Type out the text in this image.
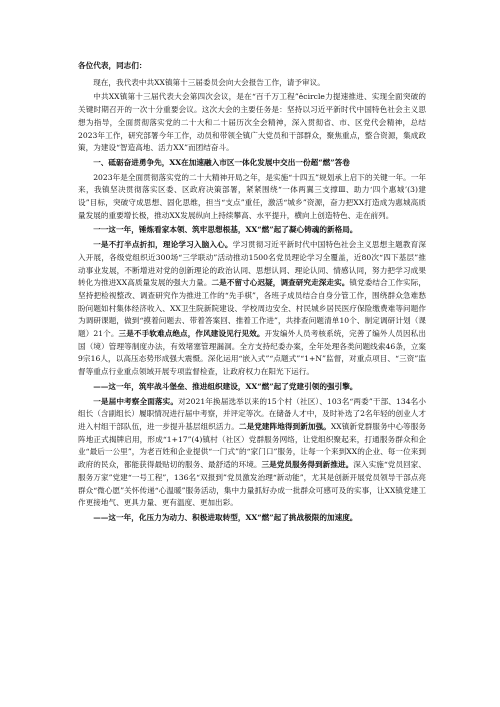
各位代表，同志们：

现在，我代表中共XX镇第十三届委员会向大会报告工作，请予审议。

中共XX镇第十三届代表大会第四次会议，是在“百千万工程”êcircle力提速推进、实现全面突破的关键时期召开的一次十分重要会议。这次大会的主要任务是：坚持以习近平新时代中国特色社会主义思想为指导，全面贯彻落实党的二十大和二十届历次全会精神，深入贯彻省、市、区党代会精神，总结2023年工作，研究部署今年工作，动员和带领全镇广大党员和干部群众，聚焦重点，整合资源，集成政策，为建设“智造高地、活力XX”而团结奋斗。

一、砥砺奋进勇争先，XX在加速融入市区一体化发展中交出一份超“燃”答卷

2023年是全面贯彻落实党的二十大精神开局之年，是实施“十四五”规划承上启下的关键一年。一年来，我镇坚决贯彻落实区委、区政府决策部署，紧紧围绕“一体两翼三支撑Ⅲ、助力‘四个惠城’(3)建设”目标，突破守成思想、固化思维，担当“支点”重任，激活“城乡”资源，奋力把XX打造成为惠城高质量发展的重要增长极，推动XX发展纵向上持续攀高、水平提升，横向上创造特色、走在前列。

一一这一年，锤炼看家本领、筑牢思想根基，XX“燃”起了凝心铸魂的新格局。

一是不打半点折扣，理论学习入脑入心。学习贯彻习近平新时代中国特色社会主义思想主题教育深入开展，各级党组织近300场“三学联动”活动推动1500名党员理论学习全覆盖，近80次“四下基层”推动事业发展，不断增进对党的创新理论的政治认同、思想认同、理论认同、情感认同，努力把学习成果转化为推进XX高质量发展的强大力量。二是不留寸心迟疑，调查研究走深走实。镇党委结合工作实际，坚持把检视整改、调查研究作为推进工作的“先手棋”，各班子成员结合自身分管工作，围绕群众急难愁盼问题如村集体经济收入、XX卫生院新院建设、学校周边安全、村民城乡居民医疗保险缴费难等问题作为调研课题，做到“摸着问题去、带着答案回、推着工作进”，共排查问题清单10个、制定调研计划（课题）21个。三是不手软难点绝点，作风建设见行见效。开发编外人员考核系统，完善了编外人员因私出国（境）管理等制度办法，有效堵塞管理漏洞。全方支持纪委办案，全年处理各类问题线索46条，立案9宗16人，以高压态势形成强大震慑。深化运用“嵌入式”“点题式”“1+N”监督，对重点项目、“三资”监督等重点行业重点领域开展专项监督检查，让政府权力在阳光下运行。

——这一年，筑牢战斗堡垒、推进组织建设，XX“燃”起了党建引领的强引擎。

一是届中考察全面落实。对2021年换届选举以来的15个村（社区）、103名“两委”干部、134名小组长（含副组长）履职情况进行届中考察，并评定等次。在储备人才中，及时补选了2名年轻的创业人才进入村组干部队伍，进一步提升基层组织活力。二是党建阵地得到新加强。XX镇新党群服务中心等服务阵地正式揭牌启用，形成“1+17”(4)镇村（社区）党群服务网络，让党组织聚起来，打通服务群众和企业“最后一公里”，为老百姓和企业提供“一门式”的“家门口”服务，让每一个来到XX的企业、每一位来到政府的民众，都能获得最贴切的服务、最舒适的环境。三是党员服务得到新推进。深入实施“党员回家、服务万家”党建“一号工程”，136名“双报到”党员激发治理“新动能”，尤其是创新开展党员领导干部点亮群众“微心愿”关怀传递“心温暖”服务活动，集中力量抓好办成一批群众可感可及的实事，让XX镇党建工作更接地气、更具力量、更有温度、更加出彩。

——这一年，化压力为动力、积极进取转型，XX“燃”起了挑战极限的加速度。
